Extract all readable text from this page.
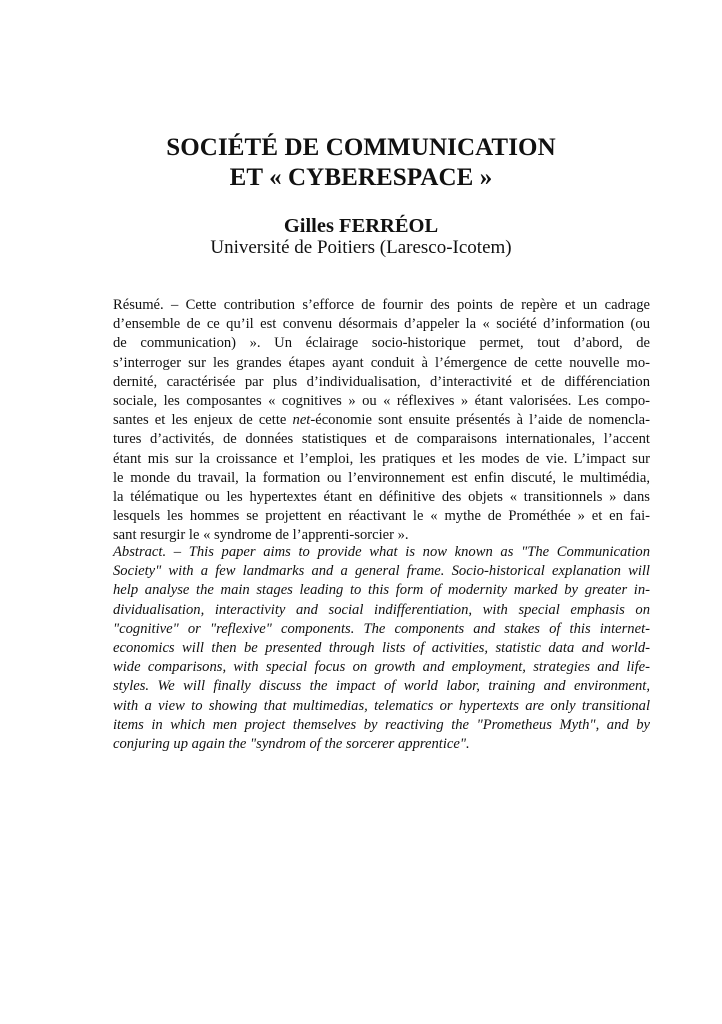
SOCIÉTÉ DE COMMUNICATION
ET « CYBERESPACE »
Gilles FERRÉOL
Université de Poitiers (Laresco-Icotem)
Résumé. – Cette contribution s’efforce de fournir des points de repère et un cadrage
d’ensemble de ce qu’il est convenu désormais d’appeler la « société d’information (ou
de communication) ». Un éclairage socio-historique permet, tout d’abord, de
s’interroger sur les grandes étapes ayant conduit à l’émergence de cette nouvelle mo-
dernité, caractérisée par plus d’individualisation, d’interactivité et de différenciation
sociale, les composantes « cognitives » ou « réflexives » étant valorisées. Les compo-
santes et les enjeux de cette net-économie sont ensuite présentés à l’aide de nomencla-
tures d’activités, de données statistiques et de comparaisons internationales, l’accent
étant mis sur la croissance et l’emploi, les pratiques et les modes de vie. L’impact sur
le monde du travail, la formation ou l’environnement est enfin discuté, le multimédia,
la télématique ou les hypertextes étant en définitive des objets « transitionnels » dans
lesquels les hommes se projettent en réactivant le « mythe de Prométhée » et en fai-
sant resurgir le « syndrome de l’apprenti-sorcier ».
Abstract. – This paper aims to provide what is now known as "The Communication
Society" with a few landmarks and a general frame. Socio-historical explanation will
help analyse the main stages leading to this form of modernity marked by greater in-
dividualisation, interactivity and social indifferentiation, with special emphasis on
"cognitive" or "reflexive" components. The components and stakes of this internet-
economics will then be presented through lists of activities, statistic data and world-
wide comparisons, with special focus on growth and employment, strategies and life-
styles. We will finally discuss the impact of world labor, training and environment,
with a view to showing that multimedias, telematics or hypertexts are only transitional
items in which men project themselves by reactiving the "Prometheus Myth", and by
conjuring up again the "syndrom of the sorcerer apprentice".
